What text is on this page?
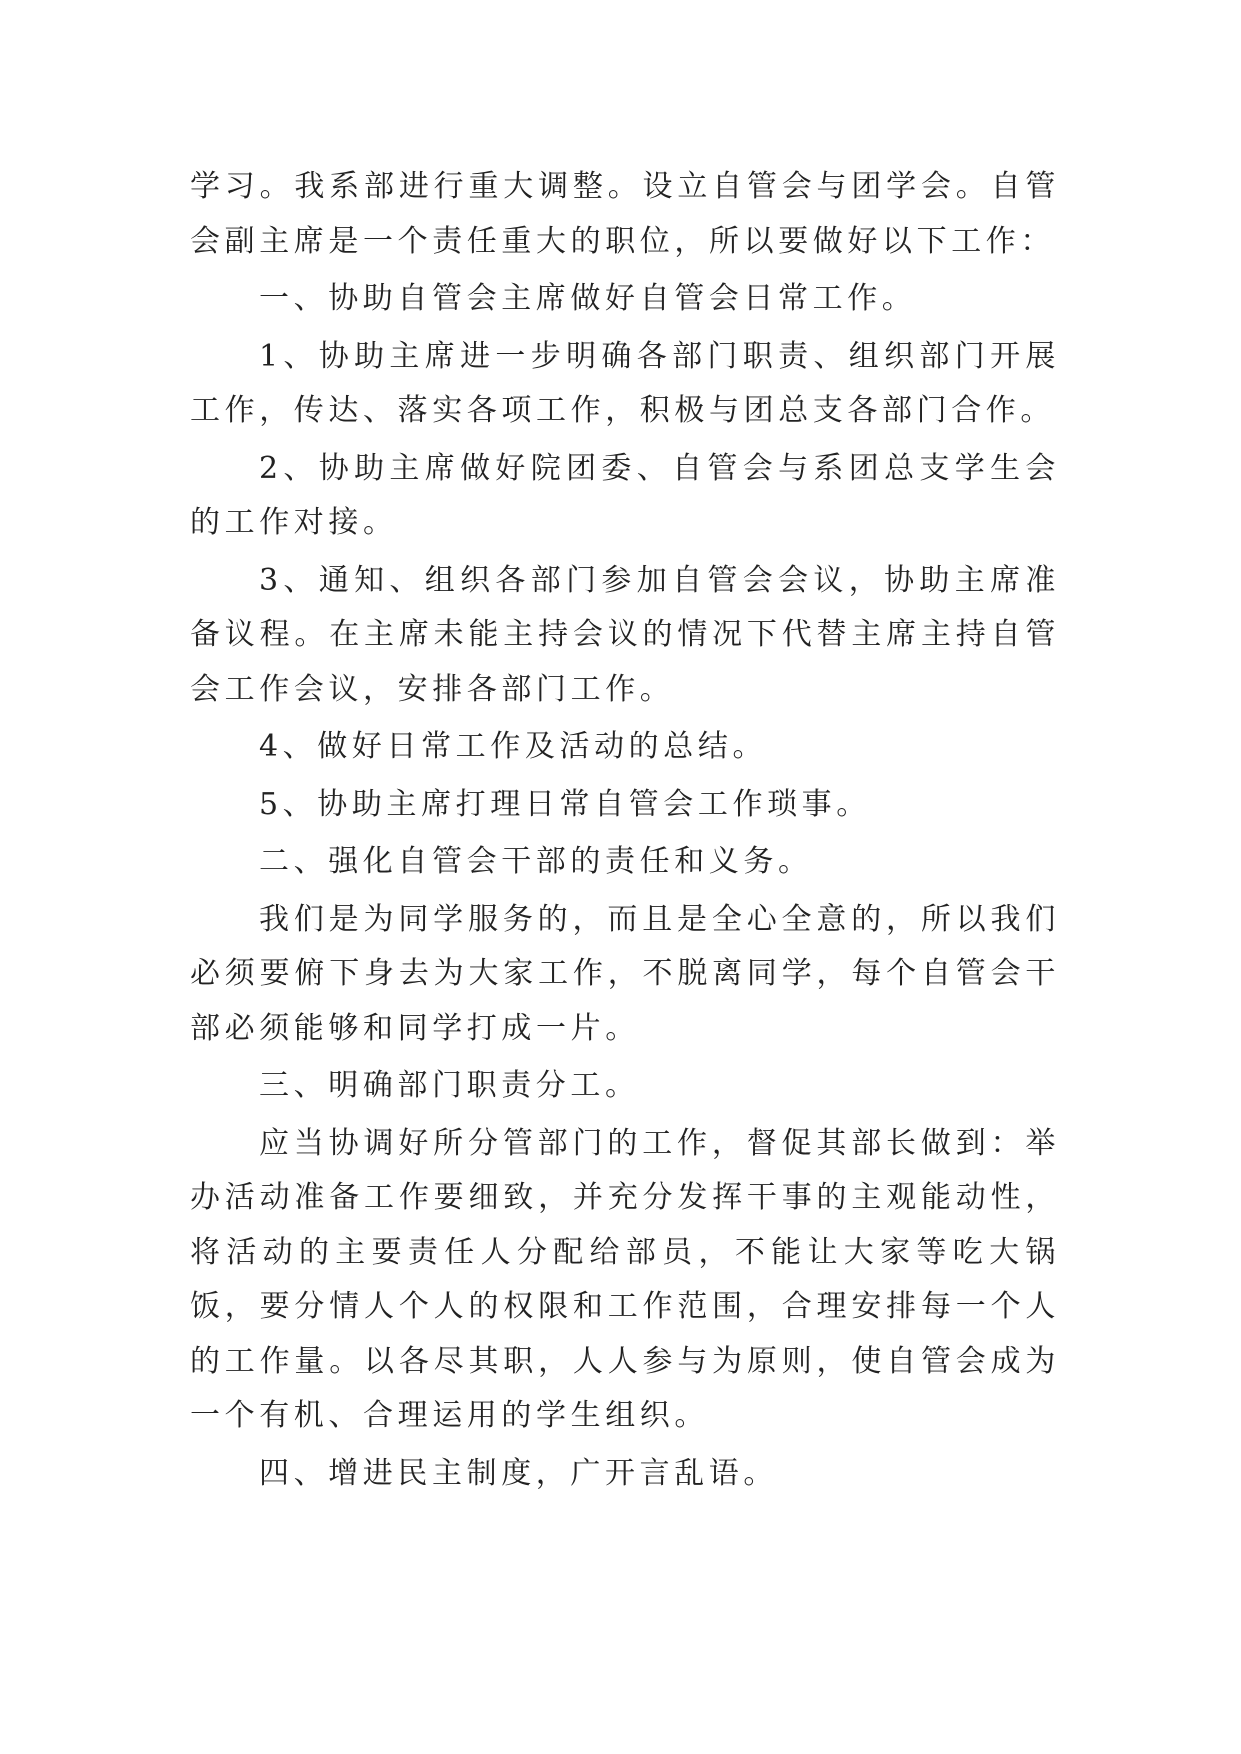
学习。我系部进行重大调整。设立自管会与团学会。自管会副主席是一个责任重大的职位，所以要做好以下工作：

一、协助自管会主席做好自管会日常工作。

1、协助主席进一步明确各部门职责、组织部门开展工作，传达、落实各项工作，积极与团总支各部门合作。

2、协助主席做好院团委、自管会与系团总支学生会的工作对接。

3、通知、组织各部门参加自管会会议，协助主席准备议程。在主席未能主持会议的情况下代替主席主持自管会工作会议，安排各部门工作。

4、做好日常工作及活动的总结。

5、协助主席打理日常自管会工作琐事。

二、强化自管会干部的责任和义务。

我们是为同学服务的，而且是全心全意的，所以我们必须要俯下身去为大家工作，不脱离同学，每个自管会干部必须能够和同学打成一片。

三、明确部门职责分工。

应当协调好所分管部门的工作，督促其部长做到：举办活动准备工作要细致，并充分发挥干事的主观能动性，将活动的主要责任人分配给部员，不能让大家等吃大锅饭，要分情人个人的权限和工作范围，合理安排每一个人的工作量。以各尽其职，人人参与为原则，使自管会成为一个有机、合理运用的学生组织。

四、增进民主制度，广开言乱语。
